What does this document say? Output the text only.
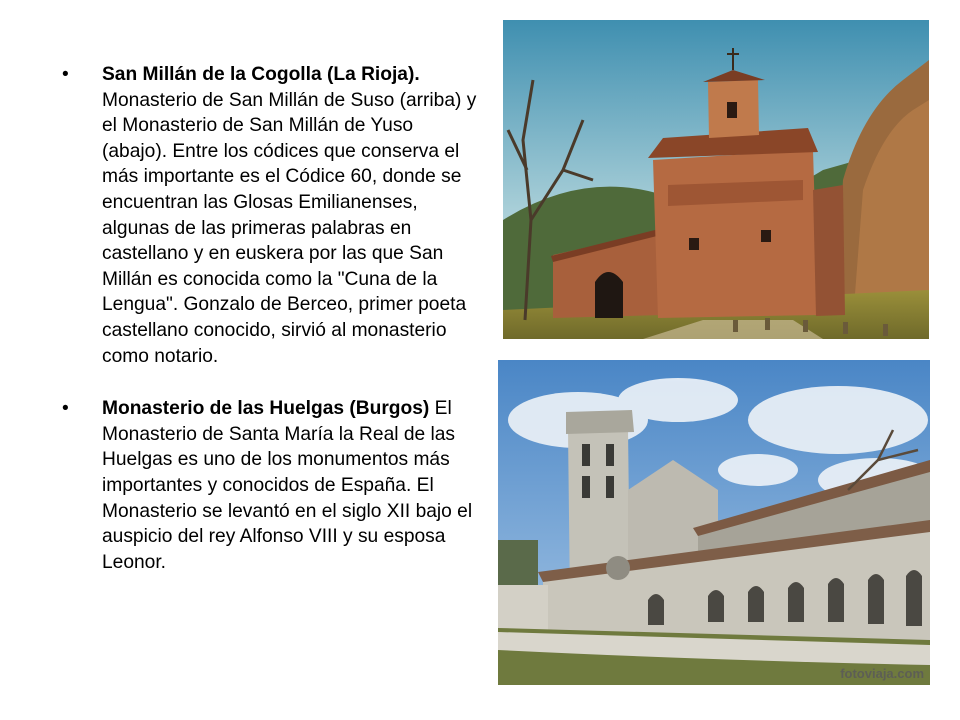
• San Millán de la Cogolla (La Rioja). Monasterio de San Millán de Suso (arriba) y el Monasterio de San Millán de Yuso (abajo). Entre los códices que conserva el más importante es el Códice 60, donde se encuentran las Glosas Emilianenses, algunas de las primeras palabras en castellano y en euskera por las que San Millán es conocida como la "Cuna de la Lengua". Gonzalo de Berceo, primer poeta castellano conocido, sirvió al monasterio como notario.
• Monasterio de las Huelgas (Burgos) El Monasterio de Santa María la Real de las Huelgas es uno de los monumentos más importantes y conocidos de España. El Monasterio se levantó en el siglo XII bajo el auspicio del rey Alfonso VIII y su esposa Leonor.
fotoviaja.com
